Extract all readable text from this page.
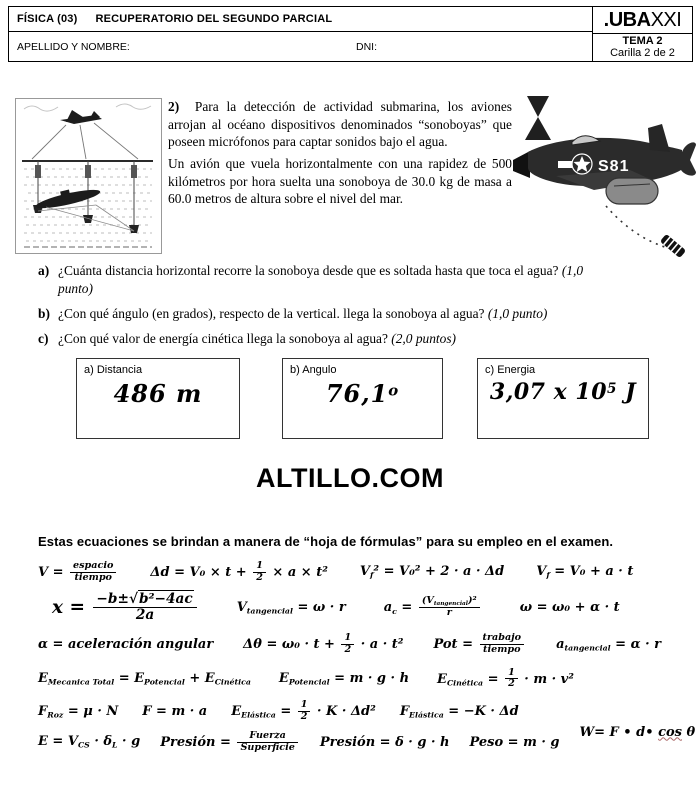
FÍSICA (03) RECUPERATORIO DEL SEGUNDO PARCIAL
APELLIDO Y NOMBRE:	DNI:
.UBA XXI
TEMA 2
Carilla 2 de 2

2) Para la detección de actividad submarina, los aviones arrojan al océano dispositivos denominados “sonoboyas” que poseen micrófonos para captar sonidos bajo el agua.

Un avión que vuela horizontalmente con una rapidez de 500 kilómetros por hora suelta una sonoboya de 30.0 kg de masa a 60.0 metros de altura sobre el nivel del mar.

S81
a) ¿Cuánta distancia horizontal recorre la sonoboya desde que es soltada hasta que toca el agua? (1,0 punto)
b) ¿Con qué ángulo (en grados), respecto de la vertical. llega la sonoboya al agua? (1,0 punto)
c) ¿Con qué valor de energía cinética llega la sonoboya al agua? (2,0 puntos)
a) Distancia
486 m
b) Angulo
76,1$^o$
c) Energia
3,07 x $10^5$ J
ALTILLO.COM
Estas ecuaciones se brindan a manera de “hoja de fórmulas” para su empleo en el examen.
$V = \frac{\text{espacio}}{\text{tiempo}}$ $\Delta d = V_0 \times t + \frac{1}{2} \times a \times t^2$ $V_f^2 = V_0^2 + 2 \cdot a \cdot \Delta d$ $V_f = V_0 + a \cdot t$
$x = \frac{\text{−b±√b²−4ac}}{2a}$	$V_{tangencial} = \omega \cdot r$	$a_c = \frac{(V_{tangencial})^2}{r}$	ω = ω₀ + α · t
α = aceleración angular $\Delta\theta = \omega_0 \cdot t + \frac{1}{2} \cdot a \cdot t^2$ Pot = $\frac{\text{trabajo}}{\text{tiempo}} a_{tangencial} = \alpha \cdot r$
$E_{Mecanica Total} = E_{Potencial} + E_{Cinética}$ $E_{Potencial} = m \cdot g \cdot h$ $E_{Cinética} = \frac{1}{2} \cdot m \cdot v^2$
$F_{Roz} = \mu \cdot N$ F = m · a $E_{Elástica} = \frac{1}{2} \cdot K \cdot \Delta d^2$ $F_{Elástica} = -K \cdot \Delta d$
$E = V_{CS} \cdot \delta_L \cdot g$ Presión = $\frac{\text{Fuerza}}{\text{Superficie}}$ Presión = δ · g · h Peso = m · g
W= F • d• cos θ
